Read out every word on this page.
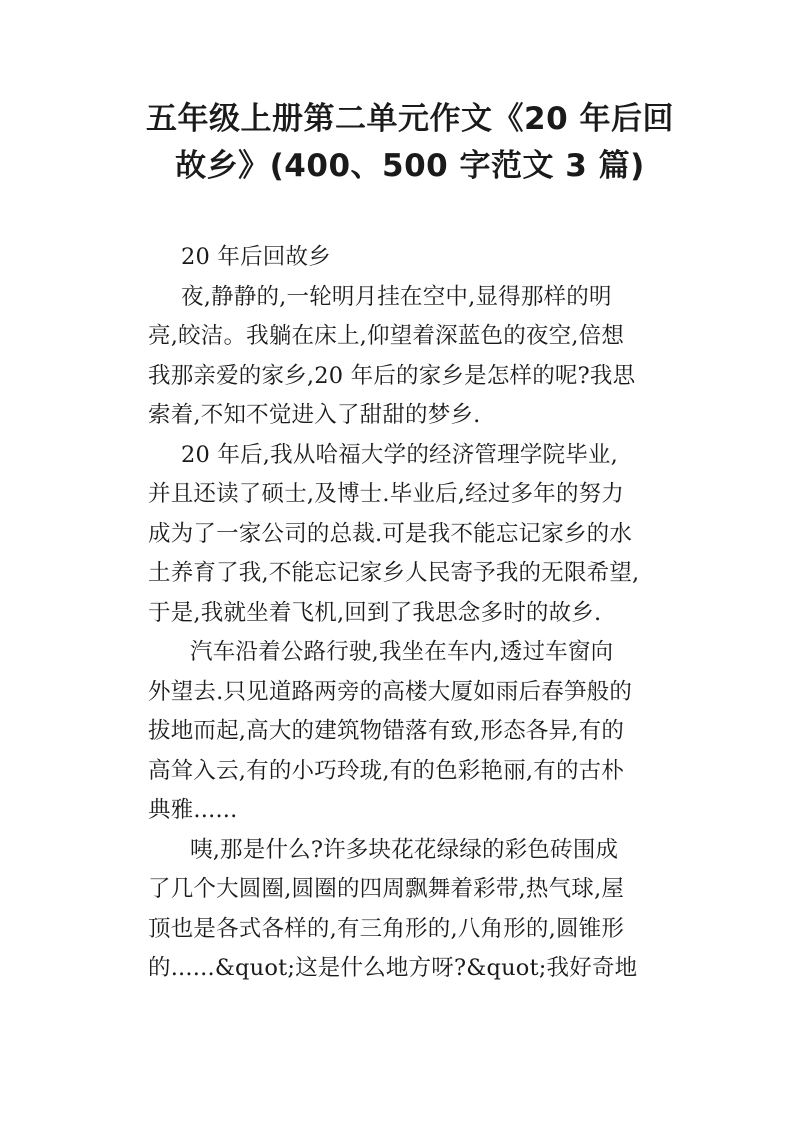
五年级上册第二单元作文《20 年后回
故乡》(400、500 字范文 3 篇)
20 年后回故乡
夜,静静的,一轮明月挂在空中,显得那样的明
亮,皎洁。我躺在床上,仰望着深蓝色的夜空,倍想
我那亲爱的家乡,20 年后的家乡是怎样的呢?我思
索着,不知不觉进入了甜甜的梦乡.
20 年后,我从哈福大学的经济管理学院毕业,
并且还读了硕士,及博士.毕业后,经过多年的努力
成为了一家公司的总裁.可是我不能忘记家乡的水
土养育了我,不能忘记家乡人民寄予我的无限希望,
于是,我就坐着飞机,回到了我思念多时的故乡.
汽车沿着公路行驶,我坐在车内,透过车窗向
外望去.只见道路两旁的高楼大厦如雨后春笋般的
拔地而起,高大的建筑物错落有致,形态各异,有的
高耸入云,有的小巧玲珑,有的色彩艳丽,有的古朴
典雅......
咦,那是什么?许多块花花绿绿的彩色砖围成
了几个大圆圈,圆圈的四周飘舞着彩带,热气球,屋
顶也是各式各样的,有三角形的,八角形的,圆锥形
的......&quot;这是什么地方呀?&quot;我好奇地
